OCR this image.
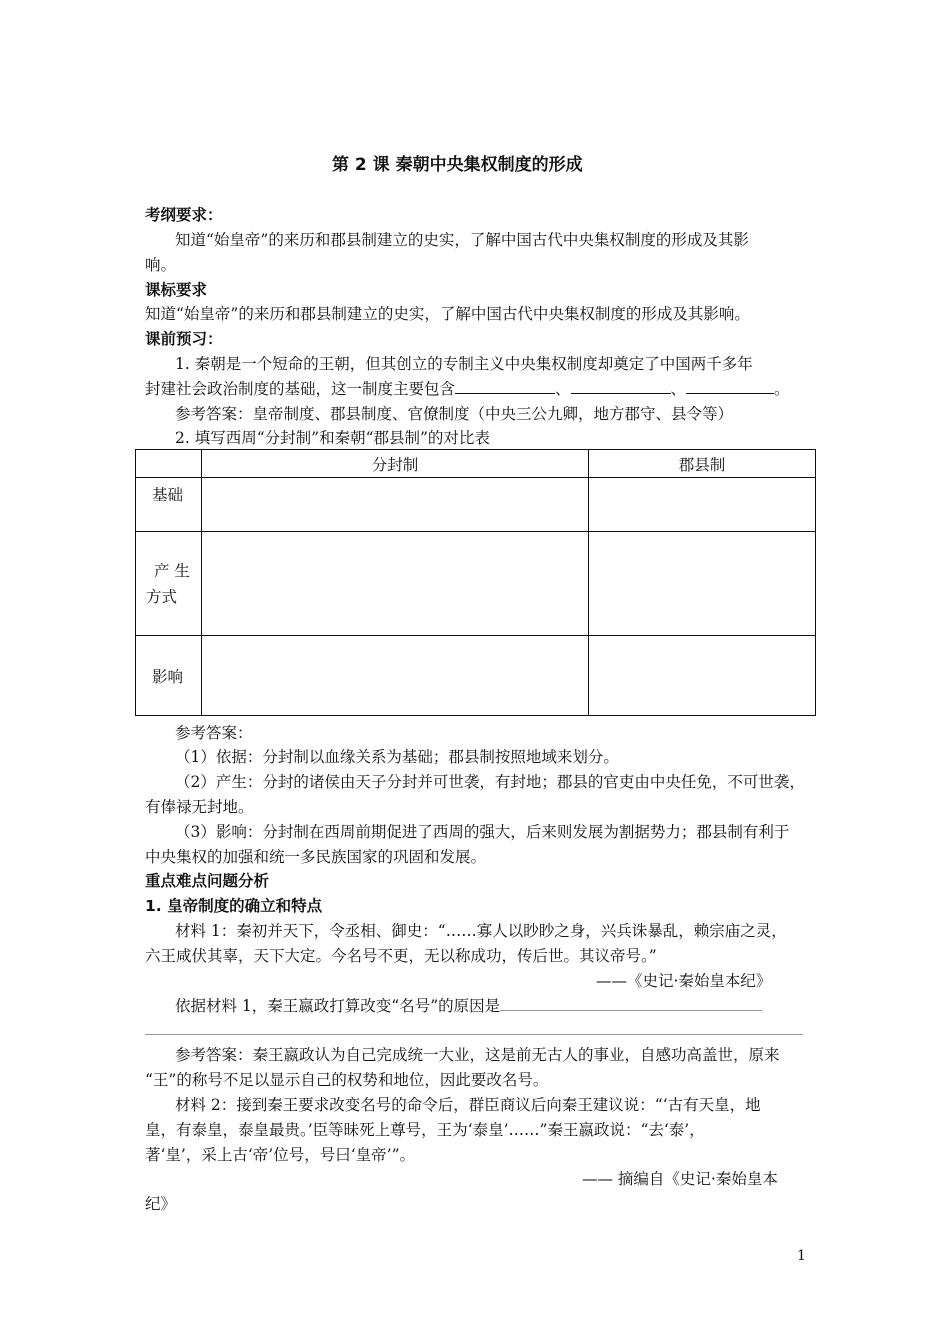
第 2 课 秦朝中央集权制度的形成
考纲要求：
知道“始皇帝”的来历和郡县制建立的史实，了解中国古代中央集权制度的形成及其影
响。
课标要求
知道“始皇帝”的来历和郡县制建立的史实，了解中国古代中央集权制度的形成及其影响。
课前预习：
1. 秦朝是一个短命的王朝，但其创立的专制主义中央集权制度却奠定了中国两千多年
封建社会政治制度的基础，这一制度主要包含	、	、	。
参考答案：皇帝制度、郡县制度、官僚制度（中央三公九卿，地方郡守、县令等）
2. 填写西周“分封制”和秦朝“郡县制”的对比表
	分封制	郡县制
基础		

产 生
方式		

影响		
参考答案：
（1）依据：分封制以血缘关系为基础；郡县制按照地域来划分。
（2）产生：分封的诸侯由天子分封并可世袭，有封地；郡县的官吏由中央任免，不可世袭，
有俸禄无封地。
（3）影响：分封制在西周前期促进了西周的强大，后来则发展为割据势力；郡县制有利于
中央集权的加强和统一多民族国家的巩固和发展。
重点难点问题分析
1. 皇帝制度的确立和特点
材料 1：秦初并天下，令丞相、御史：“……寡人以眇眇之身，兴兵诛暴乱，赖宗庙之灵，
六王咸伏其辜，天下大定。今名号不更，无以称成功，传后世。其议帝号。”
——《史记·秦始皇本纪》
依据材料 1，秦王嬴政打算改变“名号”的原因是
参考答案：秦王嬴政认为自己完成统一大业，这是前无古人的事业，自感功高盖世，原来
“王”的称号不足以显示自己的权势和地位，因此要改名号。
材料 2：接到秦王要求改变名号的命令后，群臣商议后向秦王建议说：“‘古有天皇，地
皇，有泰皇，泰皇最贵。’臣等昧死上尊号，王为‘泰皇’……”秦王嬴政说：“去‘泰’，
著‘皇’，采上古‘帝’位号，号曰‘皇帝’”。
—— 摘编自《史记·秦始皇本
纪》
1
